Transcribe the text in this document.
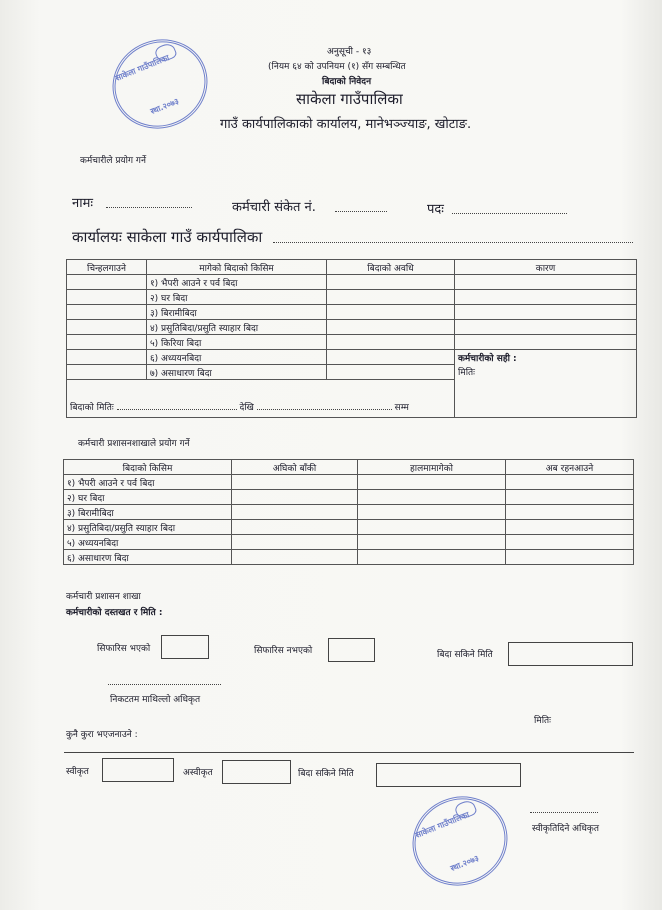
साकेला गाउँपालिका
स्था.२०७३
अनुसूची - १३
(नियम ६४ को उपनियम (१) सँग सम्बन्धित
बिदाको निवेदन
साकेला गाउँपालिका
गाउँ कार्यपालिकाको कार्यालय, मानेभञ्ज्याङ, खोटाङ.
कर्मचारीले प्रयोग गर्ने
नामः	कर्मचारी संकेत नं.	पदः
कार्यालयः साकेला गाउँ कार्यपालिका
चिन्हलगाउने	मागेको बिदाको किसिम	बिदाको अवधि	कारण
	१) भैपरी आउने र पर्व बिदा		
	२) घर बिदा		
	३) बिरामीबिदा		
	४) प्रसुतिबिदा/प्रसुति स्याहार बिदा		
	५) किरिया बिदा		
	६) अध्ययनबिदा		कर्मचारीको सही :
मितिः
	७) असाधारण बिदा		
बिदाको मितिः देखि सम्म			
कर्मचारी प्रशासनशाखाले प्रयोग गर्ने
बिदाको किसिम	अघिको बाँकी	हालमामागेको	अब रहनआउने
१) भैपरी आउने र पर्व बिदा			
२) घर बिदा			
३) बिरामीबिदा			
४) प्रसुतिबिदा/प्रसुति स्याहार बिदा			
५) अध्ययनबिदा			
६) असाधारण बिदा			
कर्मचारी प्रशासन शाखा
कर्मचारीको दस्तखत र मिति :
सिफारिस भएको	सिफारिस नभएको	बिदा सकिने मिति
निकटतम माथिल्लो अधिकृत
मितिः
कुनै कुरा भएजनाउने :
स्वीकृत	अस्वीकृत	बिदा सकिने मिति
स्वीकृतिदिने अधिकृत
साकेला गाउँपालिका
स्था.२०७३
